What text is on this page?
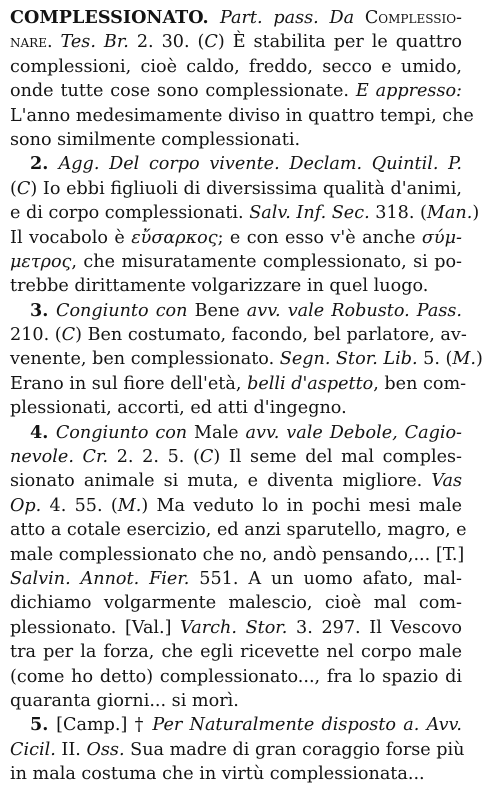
COMPLESSIONATO. Part. pass. Da Complessio-
nare. Tes. Br. 2. 30. (C) È stabilita per le quattro
complessioni, cioè caldo, freddo, secco e umido,
onde tutte cose sono complessionate. E appresso:
L'anno medesimamente diviso in quattro tempi, che
sono similmente complessionati.
2. Agg. Del corpo vivente. Declam. Quintil. P.
(C) Io ebbi figliuoli di diversissima qualità d'animi,
e di corpo complessionati. Salv. Inf. Sec. 318. (Man.)
Il vocabolo è εὔσαρκος; e con esso v'è anche σύμ-
μετρος, che misuratamente complessionato, si po-
trebbe dirittamente volgarizzare in quel luogo.
3. Congiunto con Bene avv. vale Robusto. Pass.
210. (C) Ben costumato, facondo, bel parlatore, av-
venente, ben complessionato. Segn. Stor. Lib. 5. (M.)
Erano in sul fiore dell'età, belli d'aspetto, ben com-
plessionati, accorti, ed atti d'ingegno.
4. Congiunto con Male avv. vale Debole, Cagio-
nevole. Cr. 2. 2. 5. (C) Il seme del mal comples-
sionato animale si muta, e diventa migliore. Vas
Op. 4. 55. (M.) Ma veduto lo in pochi mesi male
atto a cotale esercizio, ed anzi sparutello, magro, e
male complessionato che no, andò pensando,... [T.]
Salvin. Annot. Fier. 551. A un uomo afato, mal-
dichiamo volgarmente malescio, cioè mal com-
plessionato. [Val.] Varch. Stor. 3. 297. Il Vescovo
tra per la forza, che egli ricevette nel corpo male
(come ho detto) complessionato..., fra lo spazio di
quaranta giorni... si morì.
5. [Camp.] † Per Naturalmente disposto a. Avv.
Cicil. II. Oss. Sua madre di gran coraggio forse più
in mala costuma che in virtù complessionata...
